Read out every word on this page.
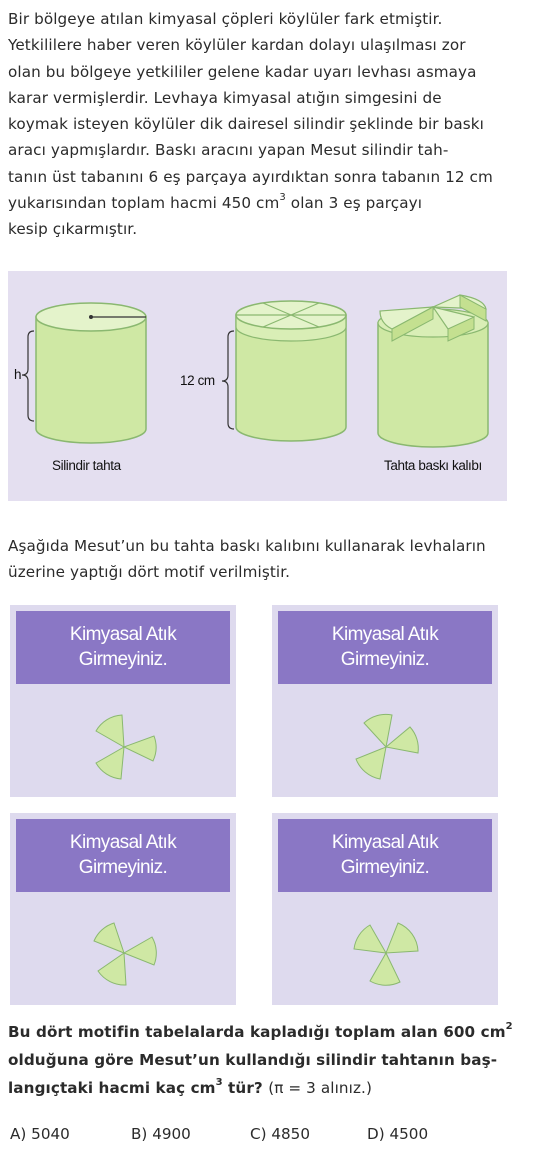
Bir bölgeye atılan kimyasal çöpleri köylüler fark etmiştir.
Yetkililere haber veren köylüler kardan dolayı ulaşılması zor
olan bu bölgeye yetkililer gelene kadar uyarı levhası asmaya
karar vermişlerdir. Levhaya kimyasal atığın simgesini de
koymak isteyen köylüler dik dairesel silindir şeklinde bir baskı
aracı yapmışlardır. Baskı aracını yapan Mesut silindir tah-
tanın üst tabanını 6 eş parçaya ayırdıktan sonra tabanın 12 cm
yukarısından toplam hacmi 450 $cm^3$ olan 3 eş parçayı
kesip çıkarmıştır.
h	12 cm
Silindir tahta	Tahta baskı kalıbı
Aşağıda Mesut’un bu tahta baskı kalıbını kullanarak levhaların
üzerine yaptığı dört motif verilmiştir.
Kimyasal Atık
Girmeyiniz.
Kimyasal Atık
Girmeyiniz.
Kimyasal Atık
Girmeyiniz.
Kimyasal Atık
Girmeyiniz.
Bu dört motifin tabelalarda kapladığı toplam alan 600 $cm^2$
olduğuna göre Mesut’un kullandığı silindir tahtanın baş-
langıçtaki hacmi kaç $cm^3$ tür? (π = 3 alınız.)
A) 5040	B) 4900	C) 4850	D) 4500
